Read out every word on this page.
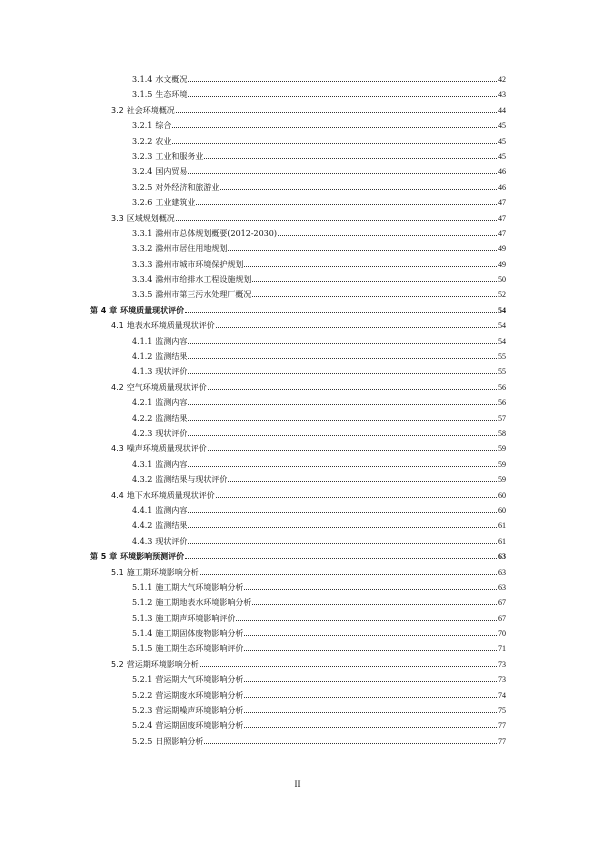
3.1.4 水文概况	42
3.1.5 生态环境	43
3.2 社会环境概况	44
3.2.1 综合	45
3.2.2 农业	45
3.2.3 工业和服务业	45
3.2.4 国内贸易	46
3.2.5 对外经济和旅游业	46
3.2.6 工业建筑业	47
3.3 区域规划概况	47
3.3.1 滁州市总体规划概要(2012-2030)	47
3.3.2 滁州市居住用地规划	49
3.3.3 滁州市城市环境保护规划	49
3.3.4 滁州市给排水工程设施规划	50
3.3.5 滁州市第三污水处理厂概况	52
第 4 章 环境质量现状评价	54
4.1 地表水环境质量现状评价	54
4.1.1 监测内容	54
4.1.2 监测结果	55
4.1.3 现状评价	55
4.2 空气环境质量现状评价	56
4.2.1 监测内容	56
4.2.2 监测结果	57
4.2.3 现状评价	58
4.3 噪声环境质量现状评价	59
4.3.1 监测内容	59
4.3.2 监测结果与现状评价	59
4.4 地下水环境质量现状评价	60
4.4.1 监测内容	60
4.4.2 监测结果	61
4.4.3 现状评价	61
第 5 章 环境影响预测评价	63
5.1 施工期环境影响分析	63
5.1.1 施工期大气环境影响分析	63
5.1.2 施工期地表水环境影响分析	67
5.1.3 施工期声环境影响评价	67
5.1.4 施工期固体废物影响分析	70
5.1.5 施工期生态环境影响评价	71
5.2 营运期环境影响分析	73
5.2.1 营运期大气环境影响分析	73
5.2.2 营运期废水环境影响分析	74
5.2.3 营运期噪声环境影响分析	75
5.2.4 营运期固废环境影响分析	77
5.2.5 日照影响分析	77
II
